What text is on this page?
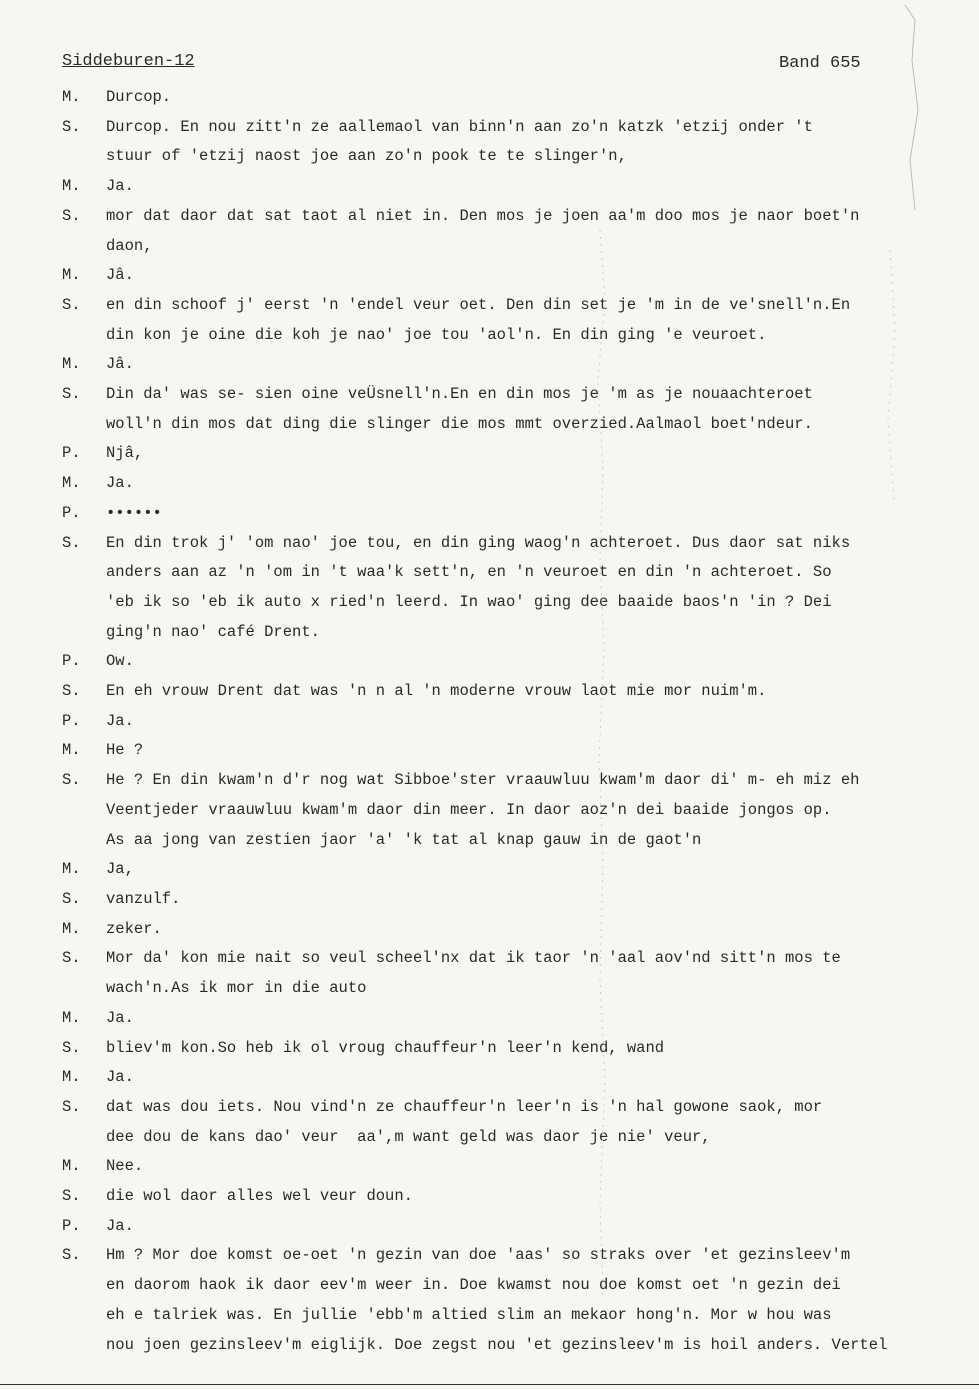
Siddeburen-12	Band 655
M.	Durcop.
S.	Durcop. En nou zitt'n ze aallemaol van binn'n aan zo'n katzk 'etzij onder 't
stuur of 'etzij naost joe aan zo'n pook te te slinger'n,
M.	Ja.
S.	mor dat daor dat sat taot al niet in. Den mos je joen aa'm doo mos je naor boet'n
daon,
M.	Jâ.
S.	en din schoof j' eerst 'n 'endel veur oet. Den din set je 'm in de ve'snell'n.En
din kon je oine die koh je nao' joe tou 'aol'n. En din ging 'e veuroet.
M.	Jâ.
S.	Din da' was se- sien oine veÜsnell'n.En en din mos je 'm as je nouaachteroet
woll'n din mos dat ding die slinger die mos mmt overzied.Aalmaol boet'ndeur.
P.	Njâ,
M.	Ja.
P.	••••••
S.	En din trok j' 'om nao' joe tou, en din ging waog'n achteroet. Dus daor sat niks
anders aan az 'n 'om in 't waa'k sett'n, en 'n veuroet en din 'n achteroet. So
'eb ik so 'eb ik auto x ried'n leerd. In wao' ging dee baaide baos'n 'in ? Dei
ging'n nao' café Drent.
P.	Ow.
S.	En eh vrouw Drent dat was 'n n al 'n moderne vrouw laot mie mor nuim'm.
P.	Ja.
M.	He ?
S.	He ? En din kwam'n d'r nog wat Sibboe'ster vraauwluu kwam'm daor di' m- eh miz eh
Veentjeder vraauwluu kwam'm daor din meer. In daor aoz'n dei baaide jongos op.
As aa jong van zestien jaor 'a' 'k tat al knap gauw in de gaot'n
M.	Ja,
S.	vanzulf.
M.	zeker.
S.	Mor da' kon mie nait so veul scheel'nx dat ik taor 'n 'aal aov'nd sitt'n mos te
wach'n.As ik mor in die auto
M.	Ja.
S.	bliev'm kon.So heb ik ol vroug chauffeur'n leer'n kend, wand
M.	Ja.
S.	dat was dou iets. Nou vind'n ze chauffeur'n leer'n is 'n hal gowone saok, mor
dee dou de kans dao' veur  aa',m want geld was daor je nie' veur,
M.	Nee.
S.	die wol daor alles wel veur doun.
P.	Ja.
S.	Hm ? Mor doe komst oe-oet 'n gezin van doe 'aas' so straks over 'et gezinsleev'm
en daorom haok ik daor eev'm weer in. Doe kwamst nou doe komst oet 'n gezin dei
eh e talriek was. En jullie 'ebb'm altied slim an mekaor hong'n. Mor w hou was
nou joen gezinsleev'm eiglijk. Doe zegst nou 'et gezinsleev'm is hoil anders. Vertel
